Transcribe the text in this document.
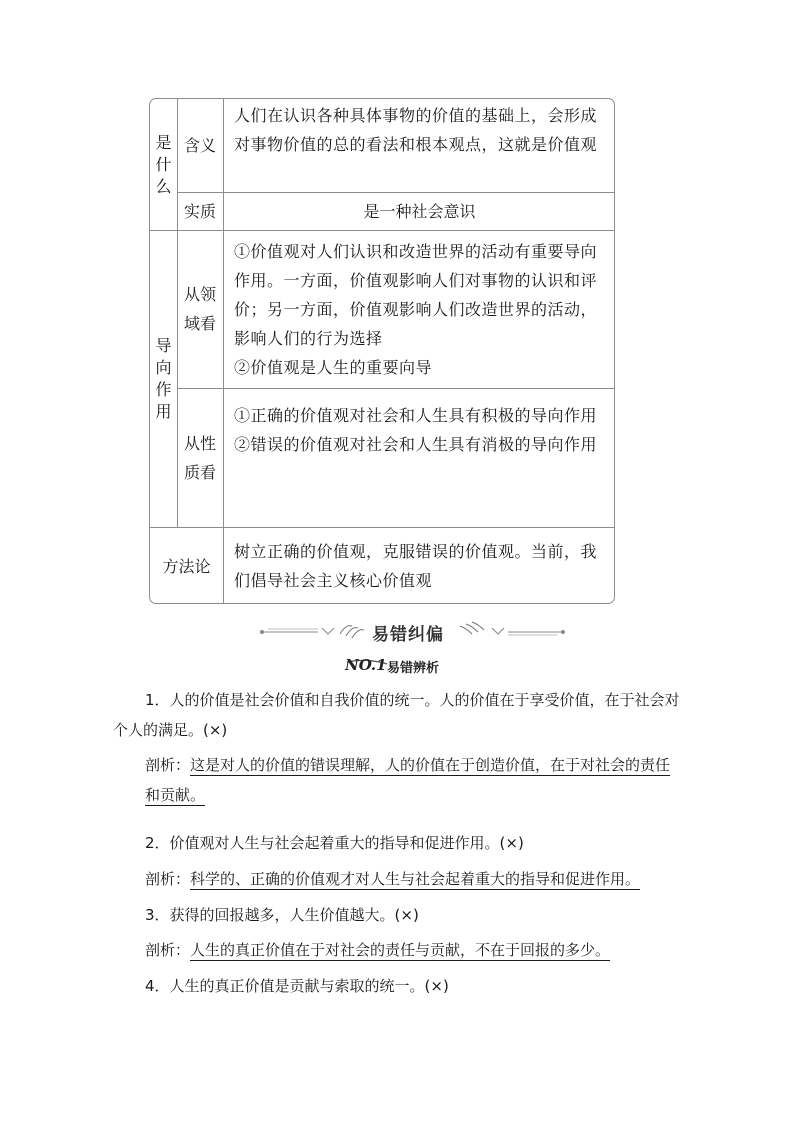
是什么
含义
人们在认识各种具体事物的价值的基础上，会形成对事物价值的总的看法和根本观点，这就是价值观
实质	是一种社会意识
导向作用
从领域看
①价值观对人们认识和改造世界的活动有重要导向作用。一方面，价值观影响人们对事物的认识和评价；另一方面，价值观影响人们改造世界的活动，影响人们的行为选择
②价值观是人生的重要向导
从性质看
①正确的价值观对社会和人生具有积极的导向作用
②错误的价值观对社会和人生具有消极的导向作用
方法论
树立正确的价值观，克服错误的价值观。当前，我们倡导社会主义核心价值观
易错纠偏
NO.1 易错辨析
1．人的价值是社会价值和自我价值的统一。人的价值在于享受价值，在于社会对个人的满足。(×)
剖析：这是对人的价值的错误理解，人的价值在于创造价值，在于对社会的责任和贡献。
2．价值观对人生与社会起着重大的指导和促进作用。(×)
剖析：科学的、正确的价值观才对人生与社会起着重大的指导和促进作用。
3．获得的回报越多，人生价值越大。(×)
剖析：人生的真正价值在于对社会的责任与贡献，不在于回报的多少。
4．人生的真正价值是贡献与索取的统一。(×)
